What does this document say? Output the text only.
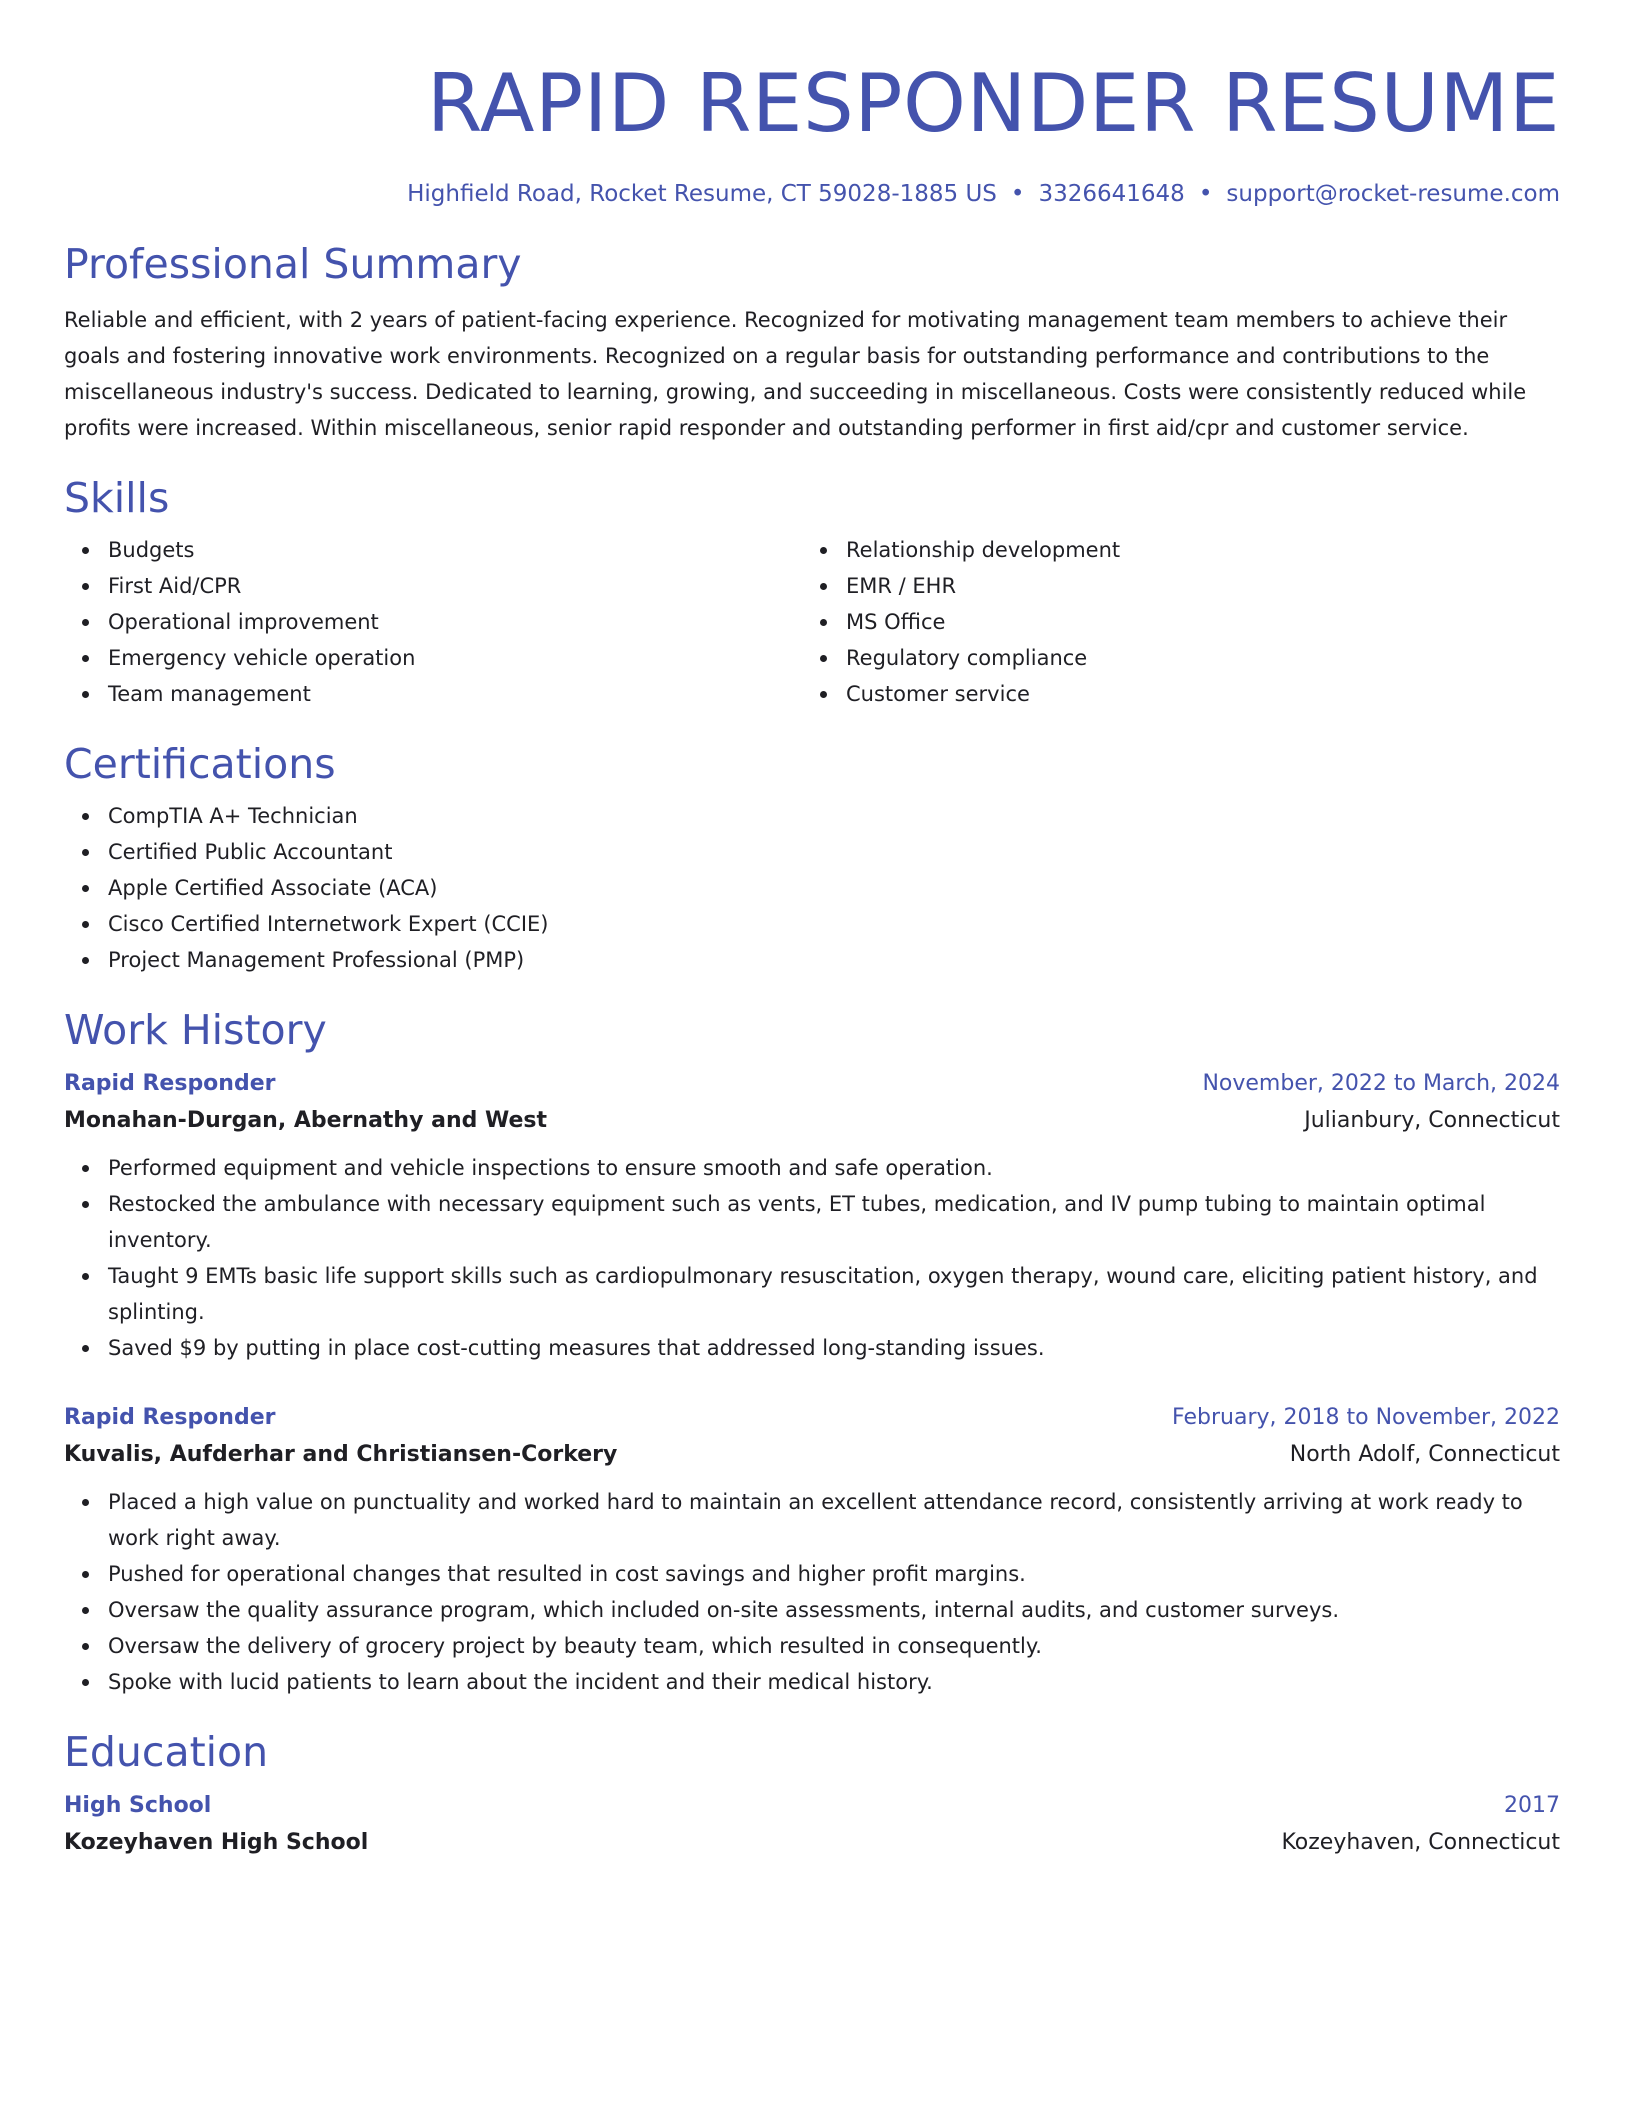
RAPID RESPONDER RESUME
Highfield Road, Rocket Resume, CT 59028-1885 US • 3326641648 • support@rocket-resume.com
Professional Summary
Reliable and efficient, with 2 years of patient-facing experience. Recognized for motivating management team members to achieve their goals and fostering innovative work environments. Recognized on a regular basis for outstanding performance and contributions to the miscellaneous industry's success. Dedicated to learning, growing, and succeeding in miscellaneous. Costs were consistently reduced while profits were increased. Within miscellaneous, senior rapid responder and outstanding performer in first aid/cpr and customer service.
Skills
Budgets
First Aid/CPR
Operational improvement
Emergency vehicle operation
Team management
Relationship development
EMR / EHR
MS Office
Regulatory compliance
Customer service
Certifications
CompTIA A+ Technician
Certified Public Accountant
Apple Certified Associate (ACA)
Cisco Certified Internetwork Expert (CCIE)
Project Management Professional (PMP)
Work History
Rapid Responder	November, 2022 to March, 2024
Monahan-Durgan, Abernathy and West	Julianbury, Connecticut
Performed equipment and vehicle inspections to ensure smooth and safe operation.
Restocked the ambulance with necessary equipment such as vents, ET tubes, medication, and IV pump tubing to maintain optimal inventory.
Taught 9 EMTs basic life support skills such as cardiopulmonary resuscitation, oxygen therapy, wound care, eliciting patient history, and splinting.
Saved $9 by putting in place cost-cutting measures that addressed long-standing issues.
Rapid Responder	February, 2018 to November, 2022
Kuvalis, Aufderhar and Christiansen-Corkery	North Adolf, Connecticut
Placed a high value on punctuality and worked hard to maintain an excellent attendance record, consistently arriving at work ready to work right away.
Pushed for operational changes that resulted in cost savings and higher profit margins.
Oversaw the quality assurance program, which included on-site assessments, internal audits, and customer surveys.
Oversaw the delivery of grocery project by beauty team, which resulted in consequently.
Spoke with lucid patients to learn about the incident and their medical history.
Education
High School	2017
Kozeyhaven High School	Kozeyhaven, Connecticut
